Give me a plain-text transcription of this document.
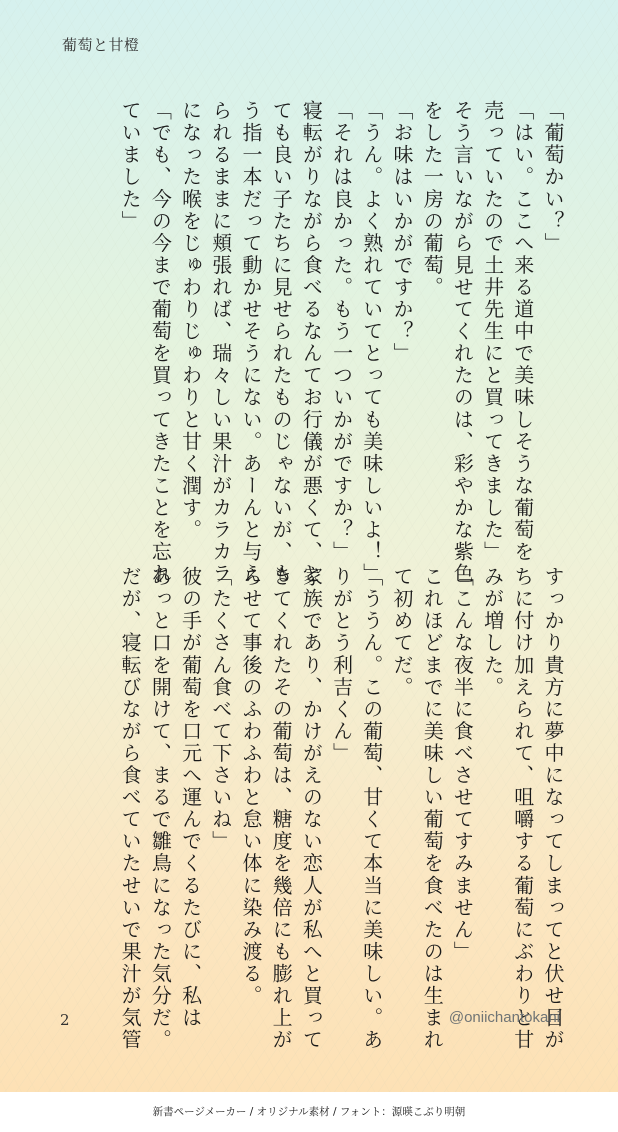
葡萄と甘橙

「葡萄かい？」

「はい。ここへ来る道中で美味しそうな葡萄を

売っていたので土井先生にと買ってきました」

そう言いながら見せてくれたのは、彩やかな紫色

をした一房の葡萄。

「お味はいかがですか？」

「うん。よく熟れていてとっても美味しいよ！」

「それは良かった。もう一ついかがですか？」

寝転がりながら食べるなんてお行儀が悪くて、と

ても良い子たちに見せられたものじゃないが、も

う指一本だって動かせそうにない。あーんと与え

られるままに頬張れば、瑞々しい果汁がカラカラ

になった喉をじゅわりじゅわりと甘く潤す。

「でも、今の今まで葡萄を買ってきたことを忘れ

ていました」

すっかり貴方に夢中になってしまってと伏せ目が

ちに付け加えられて、咀嚼する葡萄にぶわりと甘

みが増した。

「こんな夜半に食べさせてすみません」

これほどまでに美味しい葡萄を食べたのは生まれ

て初めてだ。

「ううん。この葡萄、甘くて本当に美味しい。あ

りがとう利吉くん」

家族であり、かけがえのない恋人が私へと買って

きてくれたその葡萄は、糖度を幾倍にも膨れ上が

らせて事後のふわふわと怠い体に染み渡る。

「たくさん食べて下さいね」

彼の手が葡萄を口元へ運んでくるたびに、私は

あっと口を開けて、まるで雛鳥になった気分だ。

だが、寝転びながら食べていたせいで果汁が気管

2	@oniichantokani
新書ページメーカー / オリジナル素材 / フォント：源暎こぶり明朝
